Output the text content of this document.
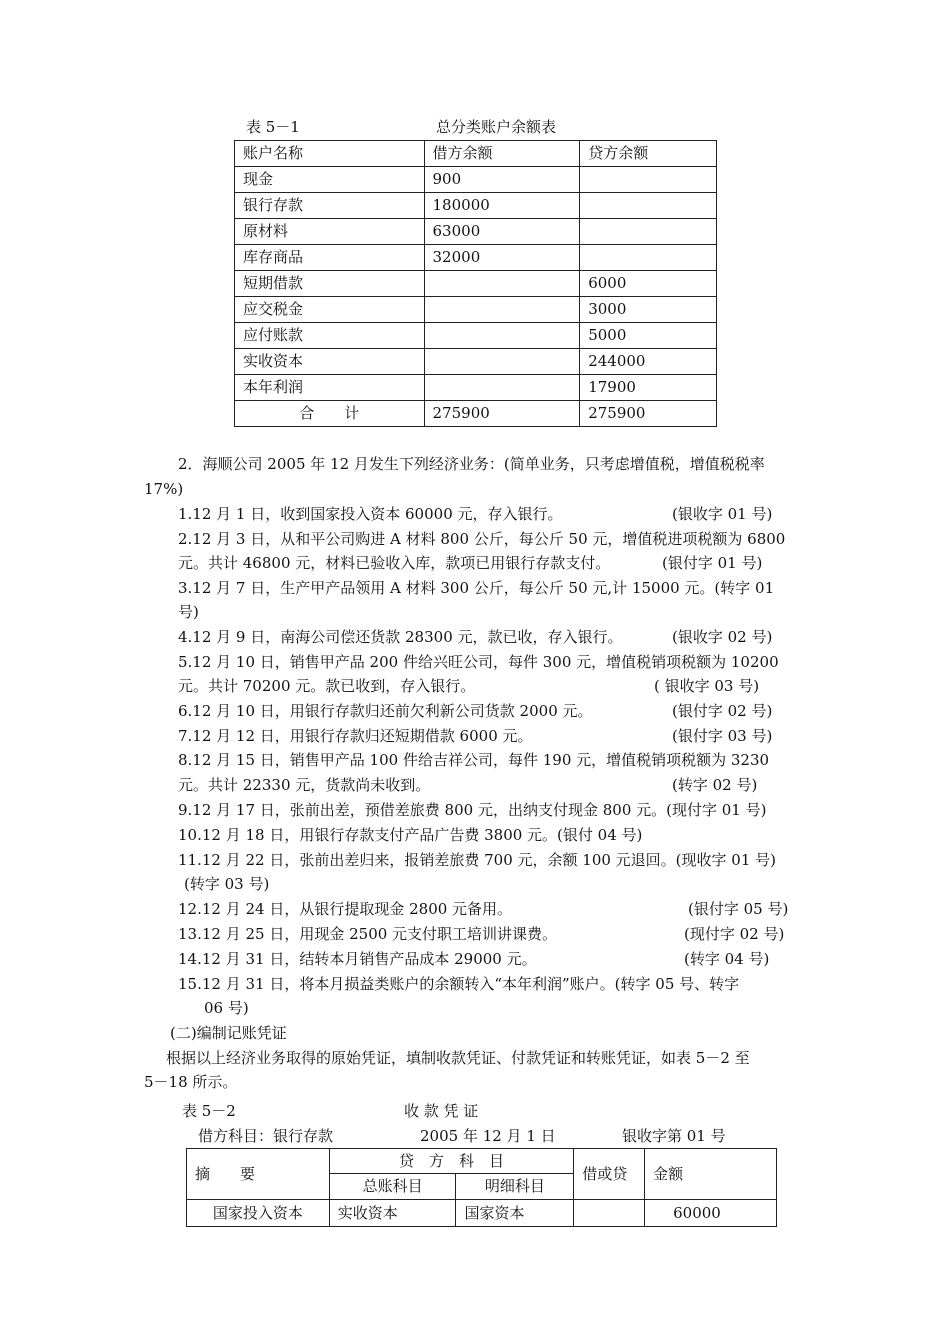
表 5－1	总分类账户余额表
账户名称	借方余额	贷方余额
现金	900	
银行存款	180000	
原材料	63000	
库存商品	32000	
短期借款		6000
应交税金		3000
应付账款		5000
实收资本		244000
本年利润		17900
合　　计	275900	275900
2．海顺公司 2005 年 12 月发生下列经济业务：(简单业务，只考虑增值税，增值税税率
17%)
1.12 月 1 日，收到国家投入资本 60000 元，存入银行。	(银收字 01 号)
2.12 月 3 日，从和平公司购进 A 材料 800 公斤，每公斤 50 元，增值税进项税额为 6800
元。共计 46800 元，材料已验收入库，款项已用银行存款支付。	(银付字 01 号)
3.12 月 7 日，生产甲产品领用 A 材料 300 公斤，每公斤 50 元,计 15000 元。(转字 01
号)
4.12 月 9 日，南海公司偿还货款 28300 元，款已收，存入银行。	(银收字 02 号)
5.12 月 10 日，销售甲产品 200 件给兴旺公司，每件 300 元，增值税销项税额为 10200
元。共计 70200 元。款已收到，存入银行。	( 银收字 03 号)
6.12 月 10 日，用银行存款归还前欠利新公司货款 2000 元。	(银付字 02 号)
7.12 月 12 日，用银行存款归还短期借款 6000 元。	(银付字 03 号)
8.12 月 15 日，销售甲产品 100 件给吉祥公司，每件 190 元，增值税销项税额为 3230
元。共计 22330 元，货款尚未收到。	(转字 02 号)
9.12 月 17 日，张前出差，预借差旅费 800 元，出纳支付现金 800 元。(现付字 01 号)
10.12 月 18 日，用银行存款支付产品广告费 3800 元。(银付 04 号)
11.12 月 22 日，张前出差归来，报销差旅费 700 元，余额 100 元退回。(现收字 01 号)
(转字 03 号)
12.12 月 24 日，从银行提取现金 2800 元备用。	(银付字 05 号)
13.12 月 25 日，用现金 2500 元支付职工培训讲课费。	(现付字 02 号)
14.12 月 31 日，结转本月销售产品成本 29000 元。	(转字 04 号)
15.12 月 31 日，将本月损益类账户的余额转入“本年利润”账户。(转字 05 号、转字
06 号)
(二)编制记账凭证
根据以上经济业务取得的原始凭证，填制收款凭证、付款凭证和转账凭证，如表 5－2 至
5－18 所示。
表 5－2	收 款 凭 证
借方科目：银行存款	2005 年 12 月 1 日	银收字第 01 号
摘　　要	贷　方　科　目		借或贷	金额
	总账科目	明细科目		
国家投入资本	实收资本	国家资本		60000
